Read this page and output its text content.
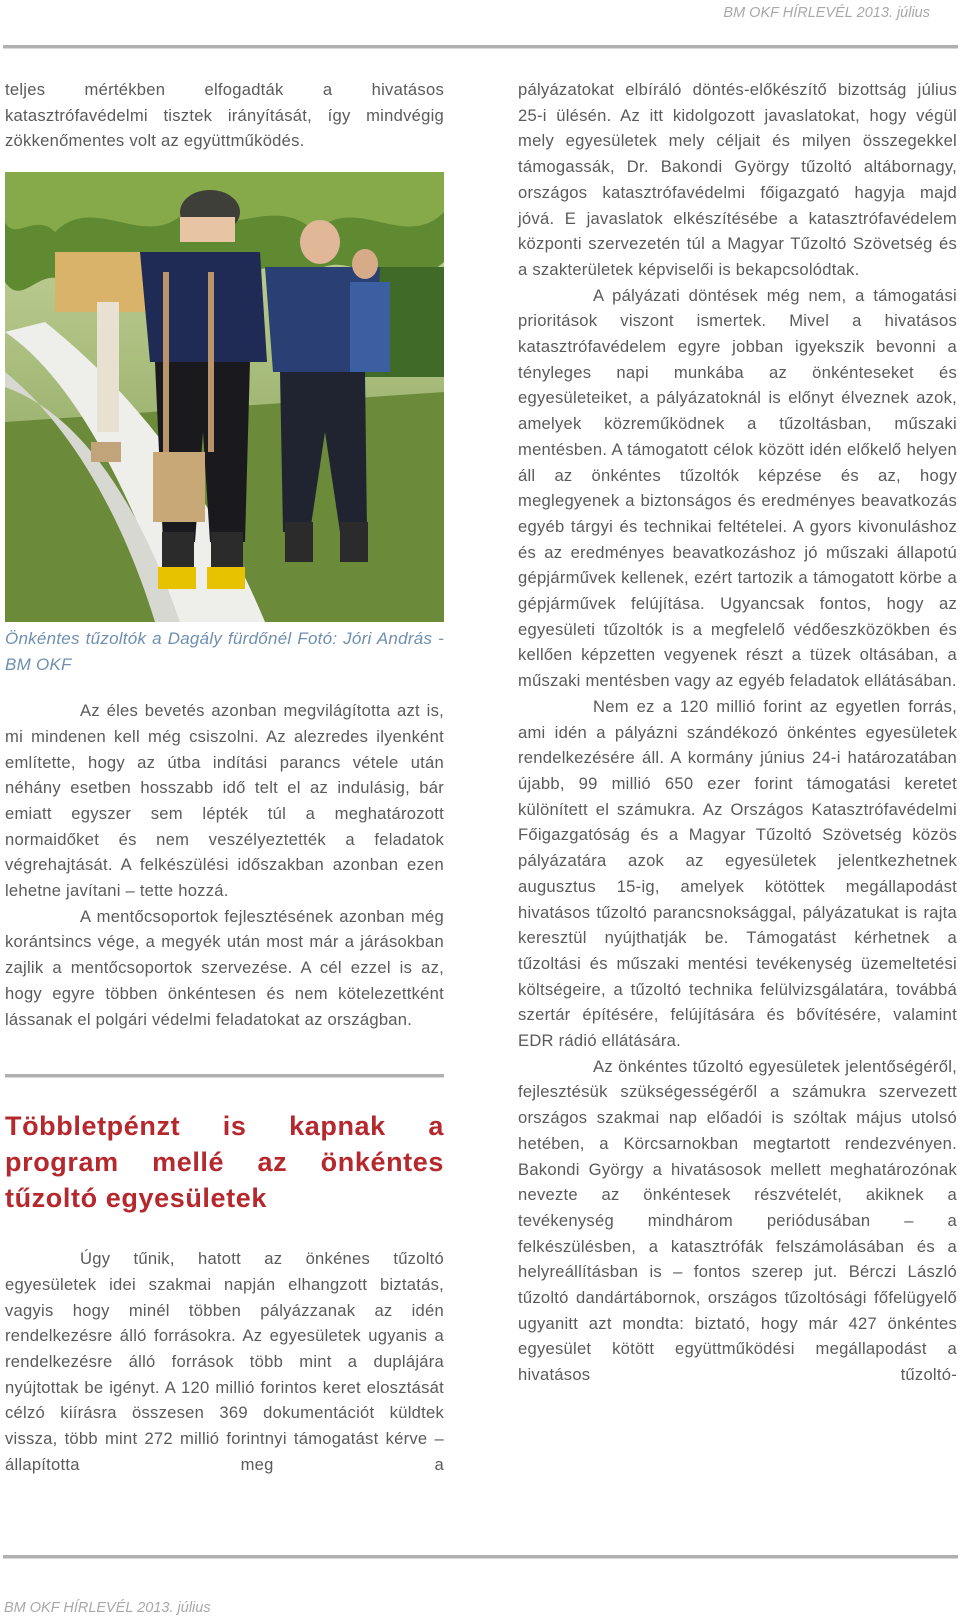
BM OKF HÍRLEVÉL 2013. július

teljes mértékben elfogadták a hivatásos katasztrófavédelmi tisztek irányítását, így mindvégig zökkenőmentes volt az együttműködés.

Önkéntes tűzoltók a Dagály fürdőnél Fotó: Jóri András - BM OKF

Az éles bevetés azonban megvilágította azt is, mi mindenen kell még csiszolni. Az alezredes ilyenként említette, hogy az útba indítási parancs vétele után néhány esetben hosszabb idő telt el az indulásig, bár emiatt egyszer sem lépték túl a meghatározott normaidőket és nem veszélyeztették a feladatok végrehajtását. A felkészülési időszakban azonban ezen lehetne javítani – tette hozzá.

A mentőcsoportok fejlesztésének azonban még korántsincs vége, a megyék után most már a járásokban zajlik a mentőcsoportok szervezése. A cél ezzel is az, hogy egyre többen önkéntesen és nem kötelezettként lássanak el polgári védelmi feladatokat az országban.

Többletpénzt is kapnak a program mellé az önkéntes tűzoltó egyesületek

Úgy tűnik, hatott az önkénes tűzoltó egyesületek idei szakmai napján elhangzott biztatás, vagyis hogy minél többen pályázzanak az idén rendelkezésre álló forrásokra. Az egyesületek ugyanis a rendelkezésre álló források több mint a duplájára nyújtottak be igényt. A 120 millió forintos keret elosztását célzó kiírásra összesen 369 dokumentációt küldtek vissza, több mint 272 millió forintnyi támogatást kérve – állapította meg a

pályázatokat elbíráló döntés-előkészítő bizottság július 25-i ülésén. Az itt kidolgozott javaslatokat, hogy végül mely egyesületek mely céljait és milyen összegekkel támogassák, Dr. Bakondi György tűzoltó altábornagy, országos katasztrófavédelmi főigazgató hagyja majd jóvá. E javaslatok elkészítésébe a katasztrófavédelem központi szervezetén túl a Magyar Tűzoltó Szövetség és a szakterületek képviselői is bekapcsolódtak.

A pályázati döntések még nem, a támogatási prioritások viszont ismertek. Mivel a hivatásos katasztrófavédelem egyre jobban igyekszik bevonni a tényleges napi munkába az önkénteseket és egyesületeiket, a pályázatoknál is előnyt élveznek azok, amelyek közreműködnek a tűzoltásban, műszaki mentésben. A támogatott célok között idén előkelő helyen áll az önkéntes tűzoltók képzése és az, hogy meglegyenek a biztonságos és eredményes beavatkozás egyéb tárgyi és technikai feltételei. A gyors kivonuláshoz és az eredményes beavatkozáshoz jó műszaki állapotú gépjárművek kellenek, ezért tartozik a támogatott körbe a gépjárművek felújítása. Ugyancsak fontos, hogy az egyesületi tűzoltók is a megfelelő védőeszközökben és kellően képzetten vegyenek részt a tüzek oltásában, a műszaki mentésben vagy az egyéb feladatok ellátásában.

Nem ez a 120 millió forint az egyetlen forrás, ami idén a pályázni szándékozó önkéntes egyesületek rendelkezésére áll. A kormány június 24-i határozatában újabb, 99 millió 650 ezer forint támogatási keretet különített el számukra. Az Országos Katasztrófavédelmi Főigazgatóság és a Magyar Tűzoltó Szövetség közös pályázatára azok az egyesületek jelentkezhetnek augusztus 15-ig, amelyek kötöttek megállapodást hivatásos tűzoltó parancsnoksággal, pályázatukat is rajta keresztül nyújthatják be. Támogatást kérhetnek a tűzoltási és műszaki mentési tevékenység üzemeltetési költségeire, a tűzoltó technika felülvizsgálatára, továbbá szertár építésére, felújítására és bővítésére, valamint EDR rádió ellátására.

Az önkéntes tűzoltó egyesületek jelentőségéről, fejlesztésük szükségességéről a számukra szervezett országos szakmai nap előadói is szóltak május utolsó hetében, a Körcsarnokban megtartott rendezvényen. Bakondi György a hivatásosok mellett meghatározónak nevezte az önkéntesek részvételét, akiknek a tevékenység mindhárom periódusában – a felkészülésben, a katasztrófák felszámolásában és a helyreállításban is – fontos szerep jut. Bérczi László tűzoltó dandártábornok, országos tűzoltósági főfelügyelő ugyanitt azt mondta: biztató, hogy már 427 önkéntes egyesület kötött együttműködési megállapodást a hivatásos tűzoltó-

BM OKF HÍRLEVÉL 2013. július
